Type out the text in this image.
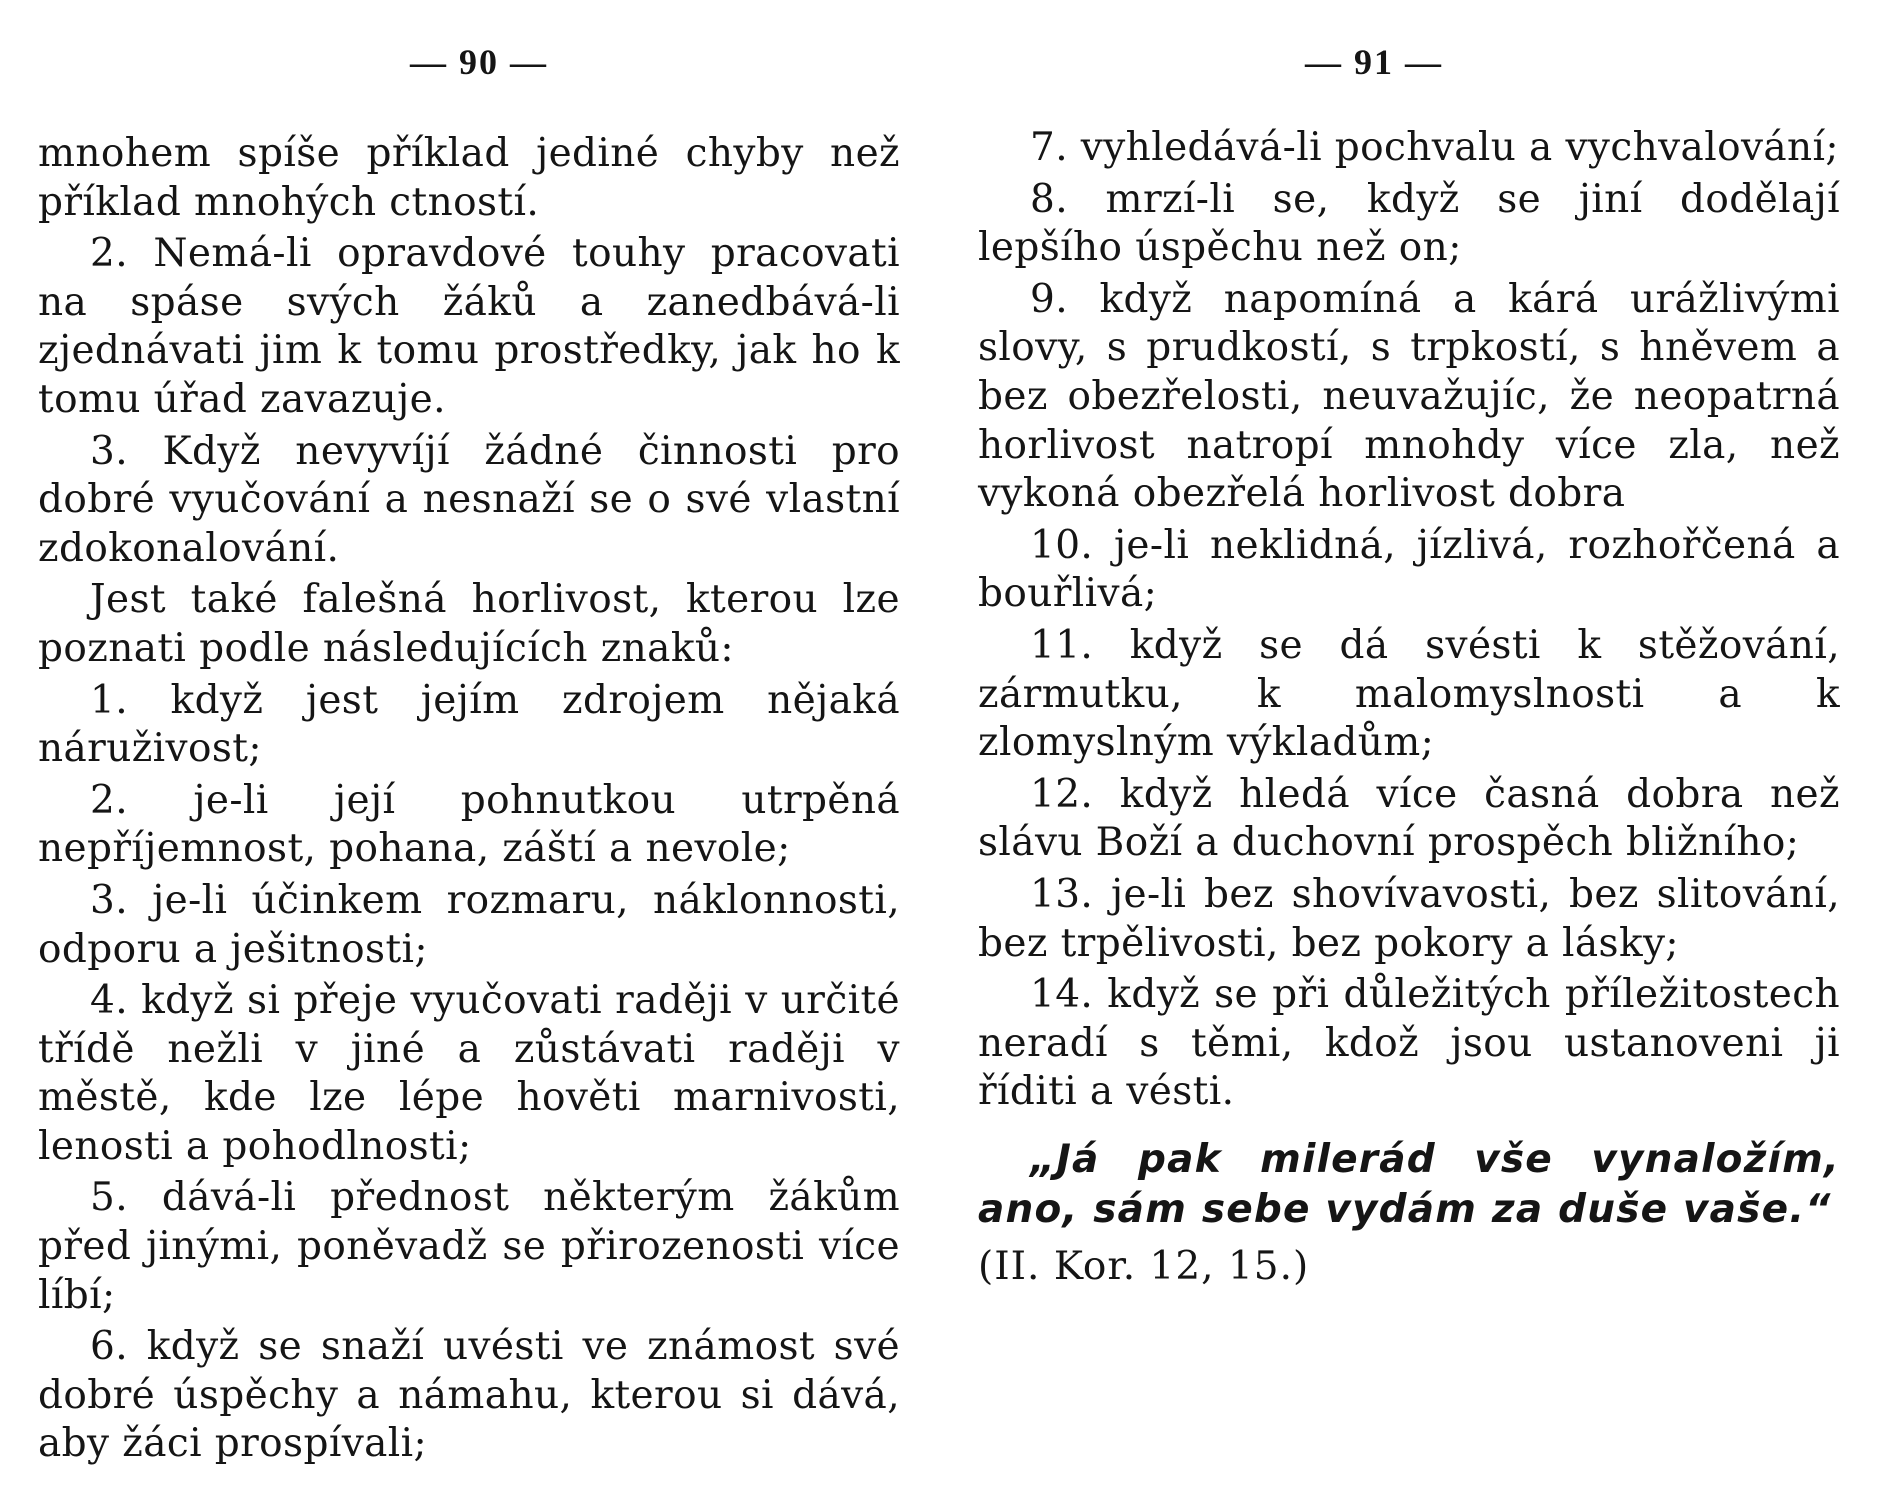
— 90 —

mnohem spíše příklad jediné chyby než příklad mnohých ctností.

2. Nemá-li opravdové touhy pracovati na spáse svých žáků a zanedbává-li zjednávati jim k tomu prostředky, jak ho k tomu úřad zavazuje.

3. Když nevyvíjí žádné činnosti pro dobré vyučování a nesnaží se o své vlastní zdokonalování.

Jest také falešná horlivost, kterou lze poznati podle následujících znaků:

1. když jest jejím zdrojem nějaká náruživost;

2. je-li její pohnutkou utrpěná nepříjemnost, pohana, záští a nevole;

3. je-li účinkem rozmaru, náklonnosti, odporu a ješitnosti;

4. když si přeje vyučovati raději v určité třídě nežli v jiné a zůstávati raději v městě, kde lze lépe hověti marnivosti, lenosti a pohodlnosti;

5. dává-li přednost některým žákům před jinými, poněvadž se přirozenosti více líbí;

6. když se snaží uvésti ve známost své dobré úspěchy a námahu, kterou si dává, aby žáci prospívali;

— 91 —

7. vyhledává-li pochvalu a vychvalování;

8. mrzí-li se, když se jiní dodělají lepšího úspěchu než on;

9. když napomíná a kárá urážlivými slovy, s prudkostí, s trpkostí, s hněvem a bez obezřelosti, neuvažujíc, že neopatrná horlivost natropí mnohdy více zla, než vykoná obezřelá horlivost dobra

10. je-li neklidná, jízlivá, rozhořčená a bouřlivá;

11. když se dá svésti k stěžování, zármutku, k malomyslnosti a k zlomyslným výkladům;

12. když hledá více časná dobra než slávu Boží a duchovní prospěch bližního;

13. je-li bez shovívavosti, bez slitování, bez trpělivosti, bez pokory a lásky;

14. když se při důležitých příležitostech neradí s těmi, kdož jsou ustanoveni ji říditi a vésti.

„Já pak milerád vše vynaložím, ano, sám sebe vydám za duše vaše.“

(II. Kor. 12, 15.)
